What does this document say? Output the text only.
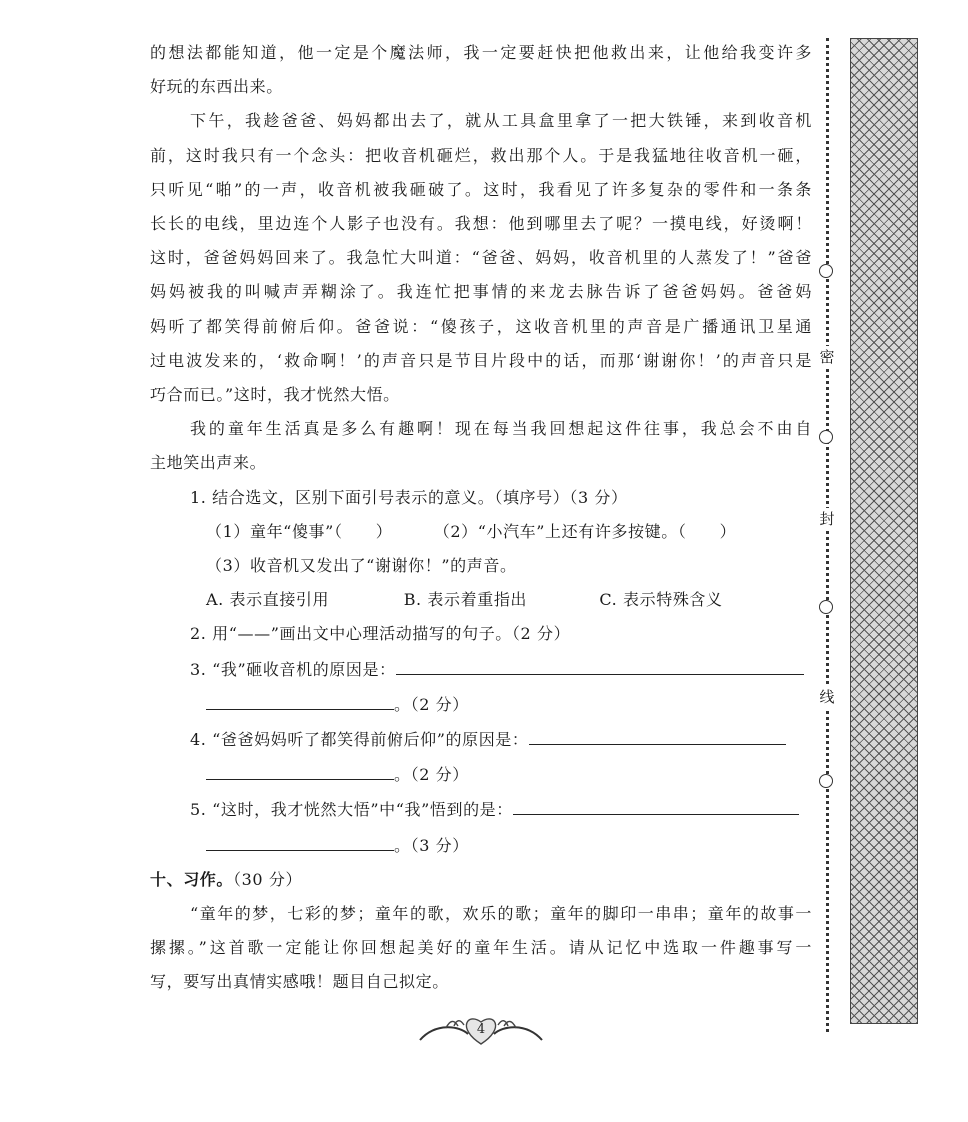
的想法都能知道，他一定是个魔法师，我一定要赶快把他救出来，让他给我变许多
好玩的东西出来。
下午，我趁爸爸、妈妈都出去了，就从工具盒里拿了一把大铁锤，来到收音机
前，这时我只有一个念头：把收音机砸烂，救出那个人。于是我猛地往收音机一砸，
只听见“啪”的一声，收音机被我砸破了。这时，我看见了许多复杂的零件和一条条
长长的电线，里边连个人影子也没有。我想：他到哪里去了呢？一摸电线，好烫啊！
这时，爸爸妈妈回来了。我急忙大叫道：“爸爸、妈妈，收音机里的人蒸发了！”爸爸
妈妈被我的叫喊声弄糊涂了。我连忙把事情的来龙去脉告诉了爸爸妈妈。爸爸妈
妈听了都笑得前俯后仰。爸爸说：“傻孩子，这收音机里的声音是广播通讯卫星通
过电波发来的，‘救命啊！’的声音只是节目片段中的话，而那‘谢谢你！’的声音只是
巧合而已。”这时，我才恍然大悟。
我的童年生活真是多么有趣啊！现在每当我回想起这件往事，我总会不由自
主地笑出声来。
1. 结合选文，区别下面引号表示的意义。（填序号）（3 分）
（1）童年“傻事”（　　）	（2）“小汽车”上还有许多按键。（　　）
（3）收音机又发出了“谢谢你！”的声音。
A. 表示直接引用	B. 表示着重指出	C. 表示特殊含义
2. 用“——”画出文中心理活动描写的句子。（2 分）
3. “我”砸收音机的原因是：
。（2 分）
4. “爸爸妈妈听了都笑得前俯后仰”的原因是：
。（2 分）
5. “这时，我才恍然大悟”中“我”悟到的是：
。（3 分）
十、习作。（30 分）
“童年的梦，七彩的梦；童年的歌，欢乐的歌；童年的脚印一串串；童年的故事一
摞摞。”这首歌一定能让你回想起美好的童年生活。请从记忆中选取一件趣事写一
写，要写出真情实感哦！题目自己拟定。
密
封
线
4
